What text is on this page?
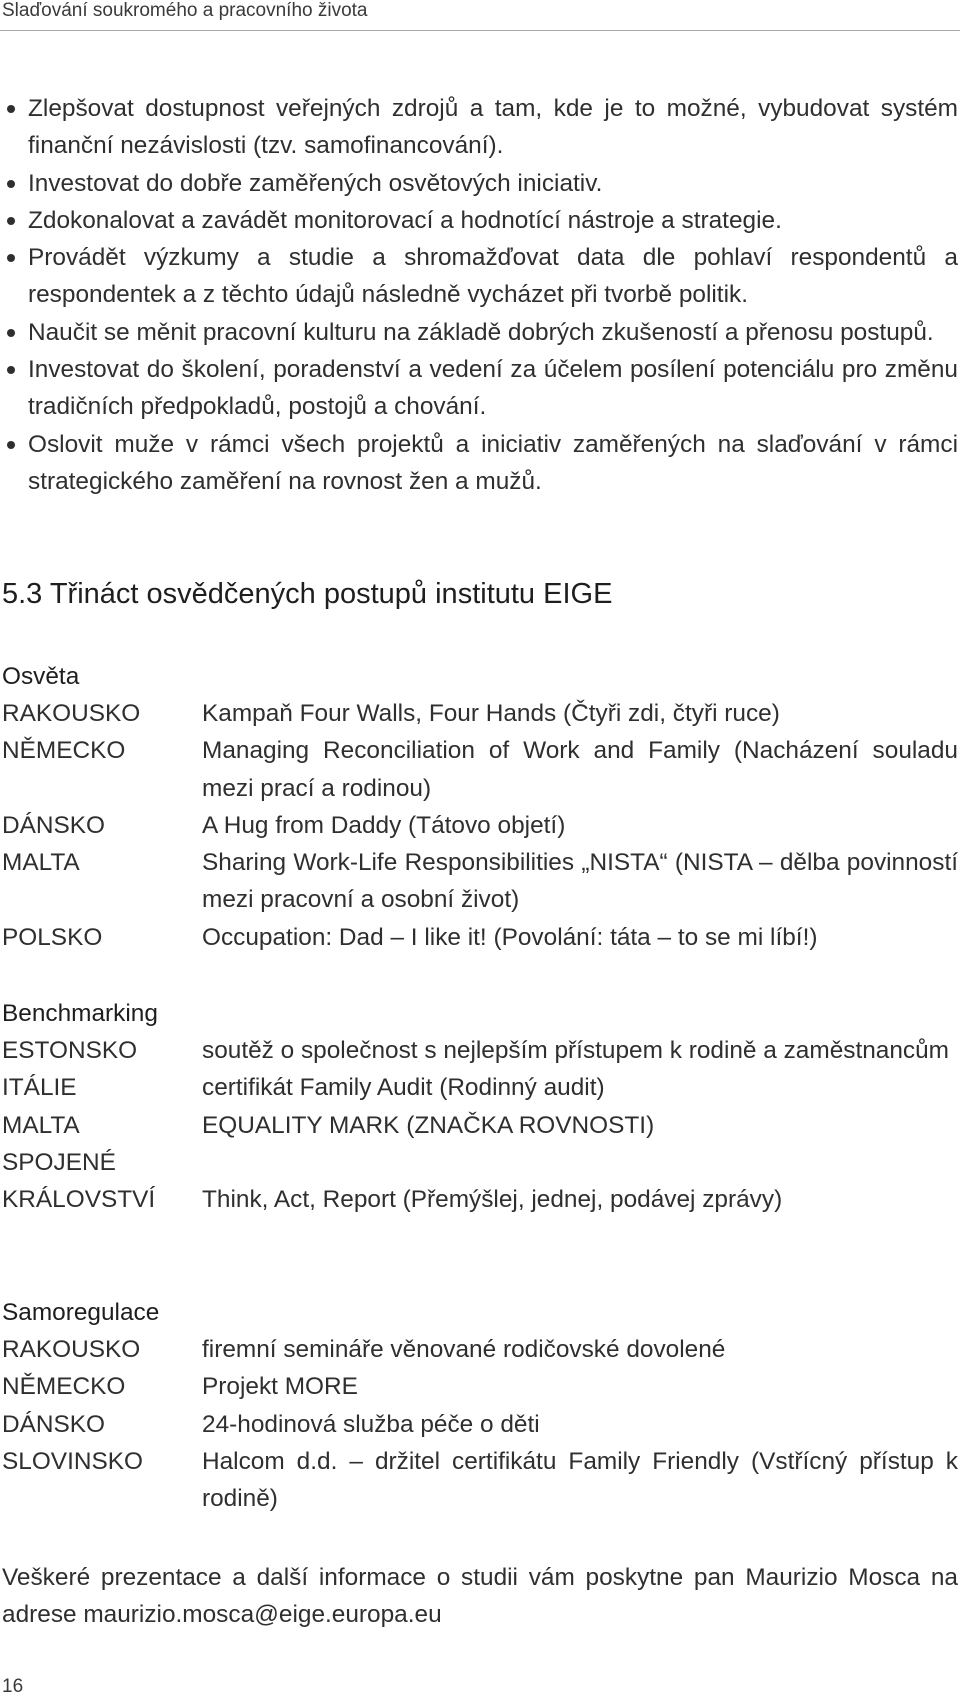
Slaďování soukromého a pracovního života
Zlepšovat dostupnost veřejných zdrojů a tam, kde je to možné, vybudovat systém finanční nezávislosti (tzv. samofinancování).
Investovat do dobře zaměřených osvětových iniciativ.
Zdokonalovat a zavádět monitorovací a hodnotící nástroje a strategie.
Provádět výzkumy a studie a shromažďovat data dle pohlaví respondentů a respondentek a z těchto údajů následně vycházet při tvorbě politik.
Naučit se měnit pracovní kulturu na základě dobrých zkušeností a přenosu postupů.
Investovat do školení, poradenství a vedení za účelem posílení potenciálu pro změnu tradičních předpokladů, postojů a chování.
Oslovit muže v rámci všech projektů a iniciativ zaměřených na slaďování v rámci strategického zaměření na rovnost žen a mužů.
5.3 Třináct osvědčených postupů institutu EIGE
Osvěta
RAKOUSKO	Kampaň Four Walls, Four Hands (Čtyři zdi, čtyři ruce)
NĚMECKO	Managing Reconciliation of Work and Family (Nacházení souladu mezi prací a rodinou)
DÁNSKO	A Hug from Daddy (Tátovo objetí)
MALTA	Sharing Work-Life Responsibilities „NISTA“ (NISTA – dělba povinností mezi pracovní a osobní život)
POLSKO	Occupation: Dad – I like it! (Povolání: táta – to se mi líbí!)
Benchmarking
ESTONSKO	soutěž o společnost s nejlepším přístupem k rodině a zaměstnancům
ITÁLIE	certifikát Family Audit (Rodinný audit)
MALTA	EQUALITY MARK (ZNAČKA ROVNOSTI)
SPOJENÉ
KRÁLOVSTVÍ	Think, Act, Report (Přemýšlej, jednej, podávej zprávy)
Samoregulace
RAKOUSKO	firemní semináře věnované rodičovské dovolené
NĚMECKO	Projekt MORE
DÁNSKO	24-hodinová služba péče o děti
SLOVINSKO	Halcom d.d. – držitel certifikátu Family Friendly (Vstřícný přístup k rodině)

Veškeré prezentace a další informace o studii vám poskytne pan Maurizio Mosca na adrese maurizio.mosca@eige.europa.eu

16
